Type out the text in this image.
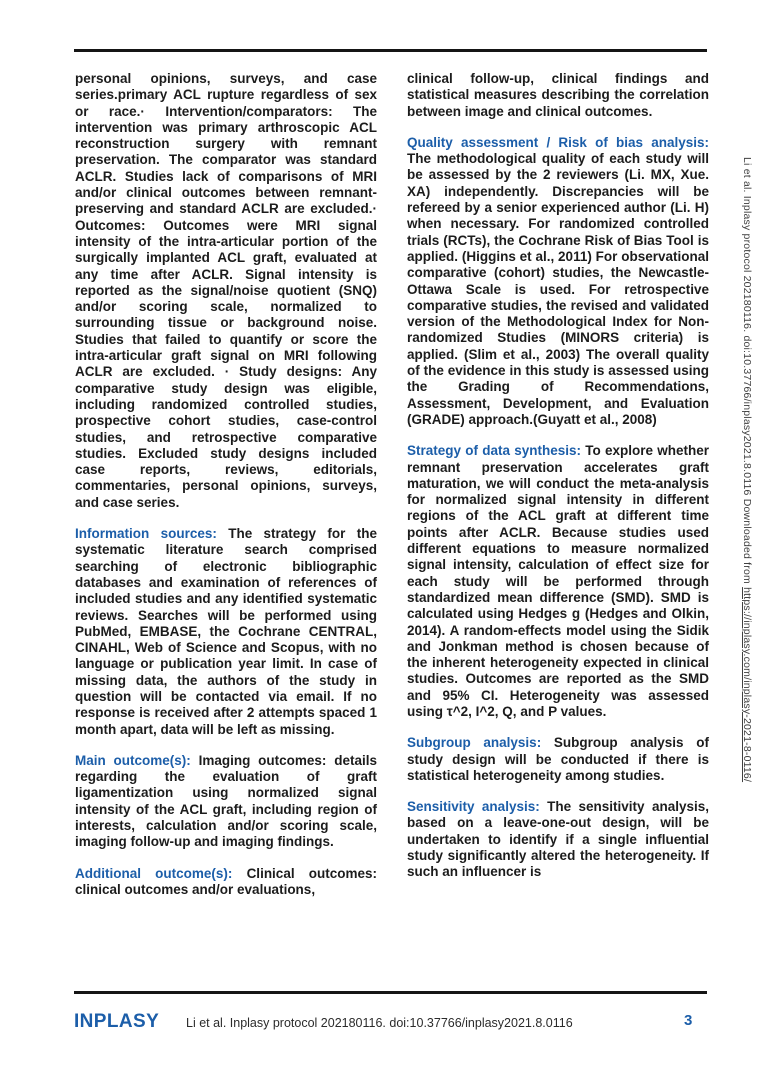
personal opinions, surveys, and case series.primary ACL rupture regardless of sex or race.· Intervention/comparators: The intervention was primary arthroscopic ACL reconstruction surgery with remnant preservation. The comparator was standard ACLR. Studies lack of comparisons of MRI and/or clinical outcomes between remnant-preserving and standard ACLR are excluded.· Outcomes: Outcomes were MRI signal intensity of the intra-articular portion of the surgically implanted ACL graft, evaluated at any time after ACLR. Signal intensity is reported as the signal/noise quotient (SNQ) and/or scoring scale, normalized to surrounding tissue or background noise. Studies that failed to quantify or score the intra-articular graft signal on MRI following ACLR are excluded. · Study designs: Any comparative study design was eligible, including randomized controlled studies, prospective cohort studies, case-control studies, and retrospective comparative studies. Excluded study designs included case reports, reviews, editorials, commentaries, personal opinions, surveys, and case series.

Information sources: The strategy for the systematic literature search comprised searching of electronic bibliographic databases and examination of references of included studies and any identified systematic reviews. Searches will be performed using PubMed, EMBASE, the Cochrane CENTRAL, CINAHL, Web of Science and Scopus, with no language or publication year limit. In case of missing data, the authors of the study in question will be contacted via email. If no response is received after 2 attempts spaced 1 month apart, data will be left as missing.

Main outcome(s): Imaging outcomes: details regarding the evaluation of graft ligamentization using normalized signal intensity of the ACL graft, including region of interests, calculation and/or scoring scale, imaging follow-up and imaging findings.

Additional outcome(s): Clinical outcomes: clinical outcomes and/or evaluations,

clinical follow-up, clinical findings and statistical measures describing the correlation between image and clinical outcomes.

Quality assessment / Risk of bias analysis: The methodological quality of each study will be assessed by the 2 reviewers (Li. MX, Xue. XA) independently. Discrepancies will be refereed by a senior experienced author (Li. H) when necessary. For randomized controlled trials (RCTs), the Cochrane Risk of Bias Tool is applied. (Higgins et al., 2011) For observational comparative (cohort) studies, the Newcastle-Ottawa Scale is used. For retrospective comparative studies, the revised and validated version of the Methodological Index for Non-randomized Studies (MINORS criteria) is applied. (Slim et al., 2003) The overall quality of the evidence in this study is assessed using the Grading of Recommendations, Assessment, Development, and Evaluation (GRADE) approach.(Guyatt et al., 2008)

Strategy of data synthesis: To explore whether remnant preservation accelerates graft maturation, we will conduct the meta-analysis for normalized signal intensity in different regions of the ACL graft at different time points after ACLR. Because studies used different equations to measure normalized signal intensity, calculation of effect size for each study will be performed through standardized mean difference (SMD). SMD is calculated using Hedges g (Hedges and Olkin, 2014). A random-effects model using the Sidik and Jonkman method is chosen because of the inherent heterogeneity expected in clinical studies. Outcomes are reported as the SMD and 95% CI. Heterogeneity was assessed using τ^2, I^2, Q, and P values.

Subgroup analysis: Subgroup analysis of study design will be conducted if there is statistical heterogeneity among studies.

Sensitivity analysis: The sensitivity analysis, based on a leave-one-out design, will be undertaken to identify if a single influential study significantly altered the heterogeneity. If such an influencer is

INPLASY Li et al. Inplasy protocol 202180116. doi:10.37766/inplasy2021.8.0116	3
Li et al. Inplasy protocol 202180116. doi:10.37766/inplasy2021.8.0116 Downloaded from https://inplasy.com/inplasy-2021-8-0116/
